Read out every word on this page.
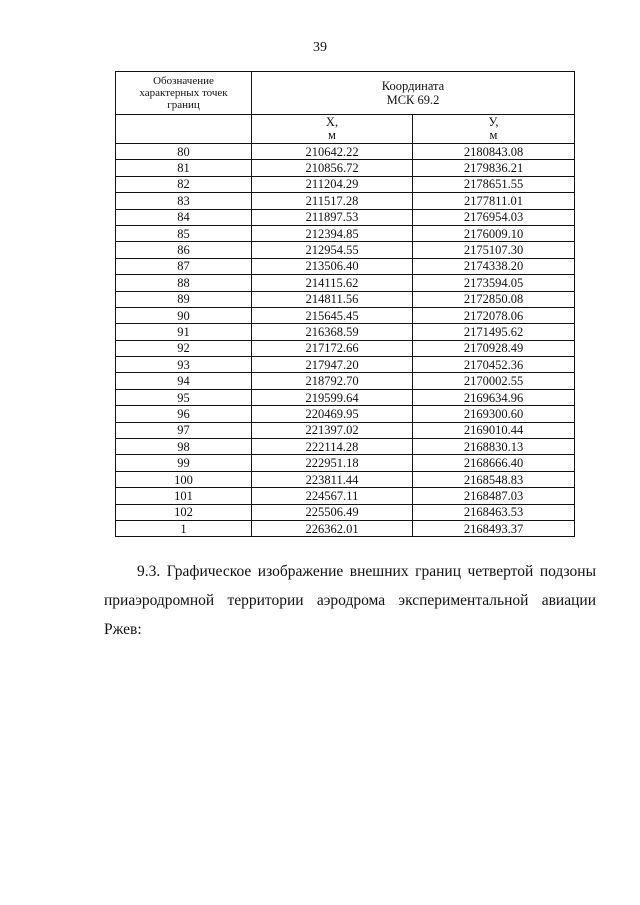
39
Обозначение
характерных точек
границ	Координата
МСК 69.2	
	X,
м	У,
м
80	210642.22	2180843.08
81	210856.72	2179836.21
82	211204.29	2178651.55
83	211517.28	2177811.01
84	211897.53	2176954.03
85	212394.85	2176009.10
86	212954.55	2175107.30
87	213506.40	2174338.20
88	214115.62	2173594.05
89	214811.56	2172850.08
90	215645.45	2172078.06
91	216368.59	2171495.62
92	217172.66	2170928.49
93	217947.20	2170452.36
94	218792.70	2170002.55
95	219599.64	2169634.96
96	220469.95	2169300.60
97	221397.02	2169010.44
98	222114.28	2168830.13
99	222951.18	2168666.40
100	223811.44	2168548.83
101	224567.11	2168487.03
102	225506.49	2168463.53
1	226362.01	2168493.37
9.3. Графическое изображение внешних границ четвертой подзоны
приаэродромной территории аэродрома экспериментальной авиации Ржев:
